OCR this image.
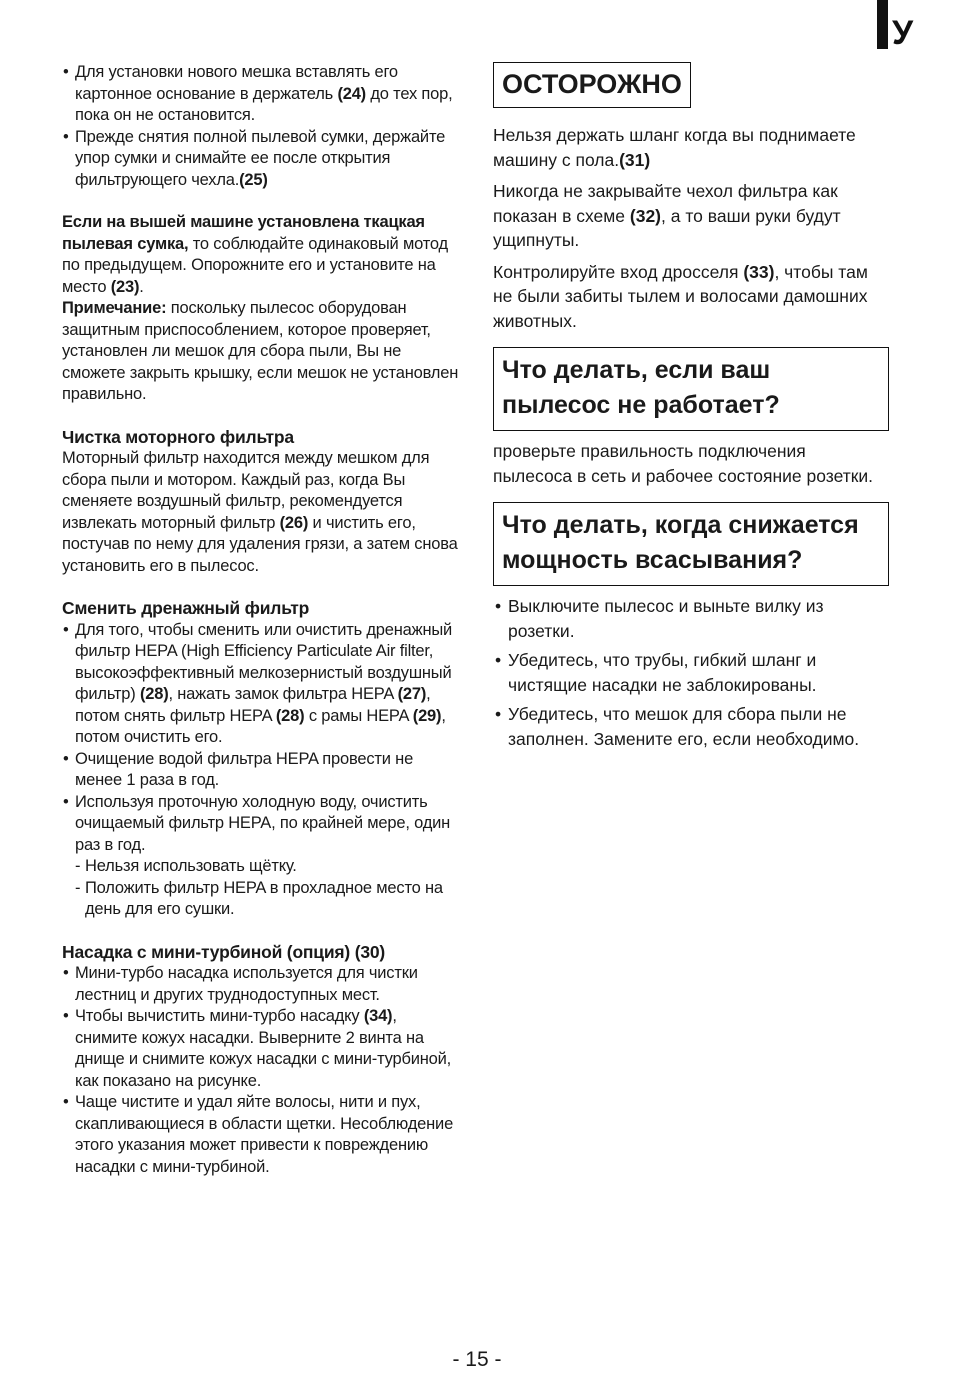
У
• Для установки нового мешка вставлять его картонное основание в держатель (24) до тех пор, пока он не остановится.
• Прежде снятия полной пылевой сумки, держайте упор сумки и снимайте ее после открытия фильтрующего чехла.(25)
Если на вышей машине установлена ткацкая пылевая сумка, то соблюдайте одинаковый мотод по предыдущем. Опорожните его и установите на место (23).
Примечание: поскольку пылесос оборудован защитным приспособлением, которое проверяет, установлен ли мешок для сбора пыли, Вы не сможете закрыть крышку, если мешок не установлен правильно.
Чистка моторного фильтра
Моторный фильтр находится между мешком для сбора пыли и мотором. Каждый раз, когда Вы сменяете воздушный фильтр, рекомендуется извлекать моторный фильтр (26) и чистить его, постучав по нему для удаления грязи, а затем снова установить его в пылесос.
Сменить дренажный фильтр
• Для того, чтобы сменить или очистить дренажный фильтр HEPA (High Efficiency Particulate Air filter, высокоэффективный мелкозернистый воздушный фильтр) (28), нажать замок фильтра HEPA (27), потом снять фильтр HEPA (28) с рамы HEPA (29), потом очистить его.
• Очищение водой фильтра HEPA провести не менее 1 раза в год.
• Используя проточную холодную воду, очистить очищаемый фильтр HEPA, по крайней мере, один раз в год.
- Нельзя использовать щётку.
- Положить фильтр HEPA в прохладное место на день для его сушки.
Насадка с мини-турбиной (опция) (30)
• Мини-турбо насадка используется для чистки лестниц и других труднодоступных мест.
• Чтобы вычистить мини-турбо насадку (34), снимите кожух насадки. Выверните 2 винта на днище и снимите кожух насадки с мини-турбиной, как показано на рисунке.
• Чаще чистите и удал яйте волосы, нити и пух, скапливающиеся в области щетки. Несоблюдение этого указания может привести к повреждению насадки с мини-турбиной.
ОСТОРОЖНО

Нельзя держать шланг когда вы поднимаете машину с пола.(31)

Никогда не закрывайте чехол фильтра как показан в схеме (32), а то ваши руки будут ущипнуты.

Контролируйте вход дросселя (33), чтобы там не были забиты тылем и волосами дамошних животных.

Что делать, если ваш пылесос не работает?

проверьте правильность подключения пылесоса в сеть и рабочее состояние розетки.

Что делать, когда снижается мощность всасывания?
• Выключите пылесос и выньте вилку из розетки.
• Убедитесь, что трубы, гибкий шланг и чистящие насадки не заблокированы.
• Убедитесь, что мешок для сбора пыли не заполнен. Замените его, если необходимо.
- 15 -
